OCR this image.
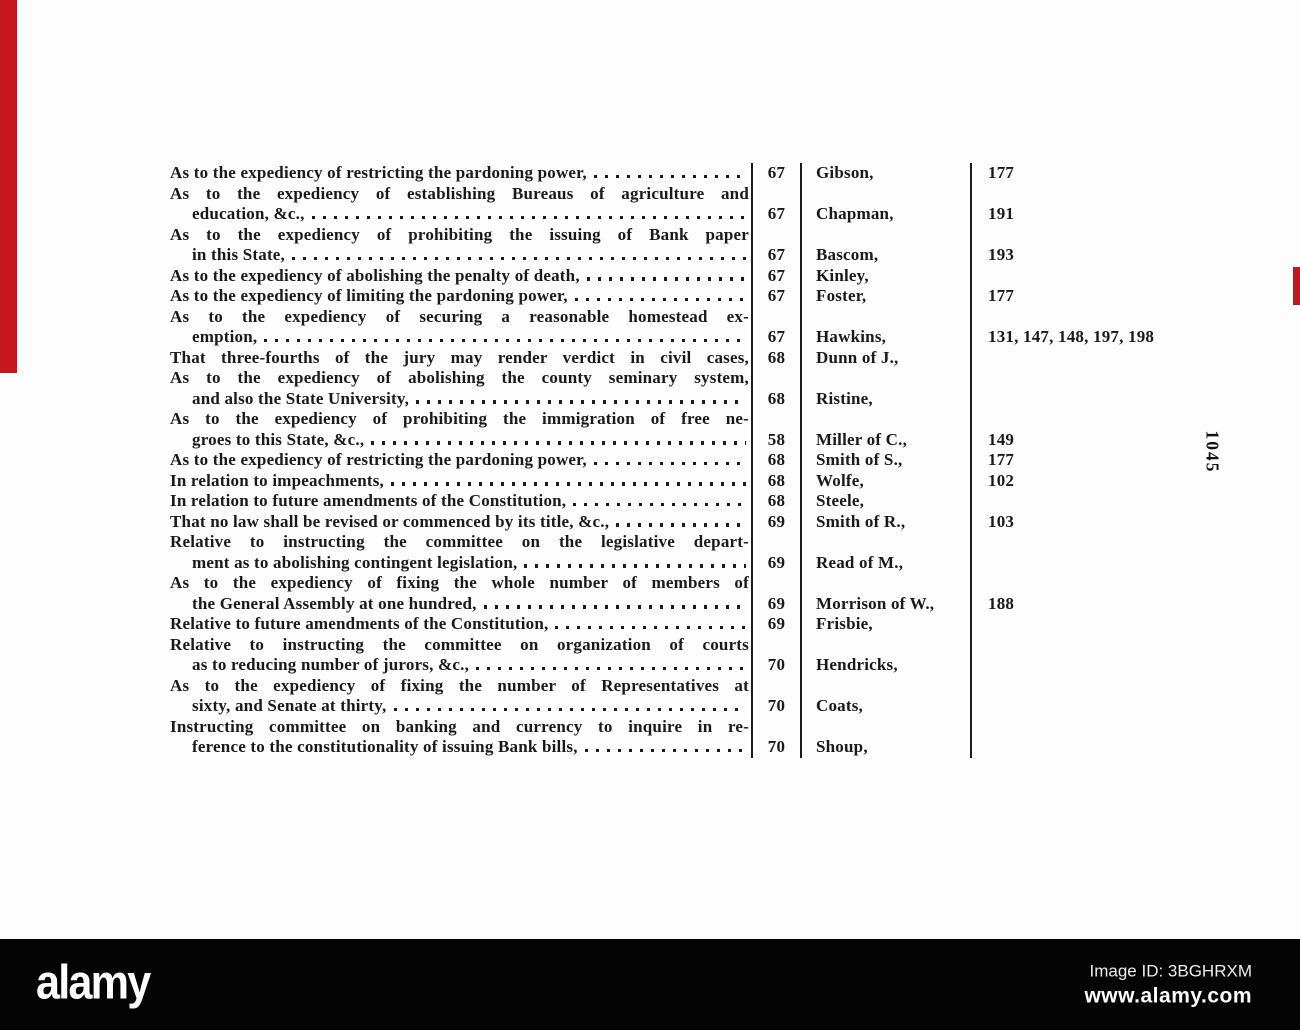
As to the expediency of restricting the pardoning power,	67 Gibson,	177
As to the expediency of establishing Bureaus of agriculture and
education, &c.,	67 Chapman,	191
As to the expediency of prohibiting the issuing of Bank paper
in this State,	67 Bascom,	193
As to the expediency of abolishing the penalty of death,	67 Kinley,
As to the expediency of limiting the pardoning power,	67 Foster,	177
As to the expediency of securing a reasonable homestead ex-
emption,	67 Hawkins,	131, 147, 148, 197, 198
That three-fourths of the jury may render verdict in civil cases, 68 Dunn of J.,
As to the expediency of abolishing the county seminary system,
and also the State University,	68 Ristine,
As to the expediency of prohibiting the immigration of free ne-
groes to this State, &c.,	58 Miller of C.,	149
As to the expediency of restricting the pardoning power,	68 Smith of S.,	177
In relation to impeachments,	68 Wolfe,	102
In relation to future amendments of the Constitution,	68 Steele,
That no law shall be revised or commenced by its title, &c.,	69 Smith of R.,	103
Relative to instructing the committee on the legislative depart-
ment as to abolishing contingent legislation,	69 Read of M.,
As to the expediency of fixing the whole number of members of
the General Assembly at one hundred,	69 Morrison of W.,	188
Relative to future amendments of the Constitution,	69 Frisbie,
Relative to instructing the committee on organization of courts
as to reducing number of jurors, &c.,	70 Hendricks,
As to the expediency of fixing the number of Representatives at
sixty, and Senate at thirty,	70 Coats,
Instructing committee on banking and currency to inquire in re-
ference to the constitutionality of issuing Bank bills,	70 Shoup,
1045
alamy	Image ID: 3BGHRXM
www.alamy.com
